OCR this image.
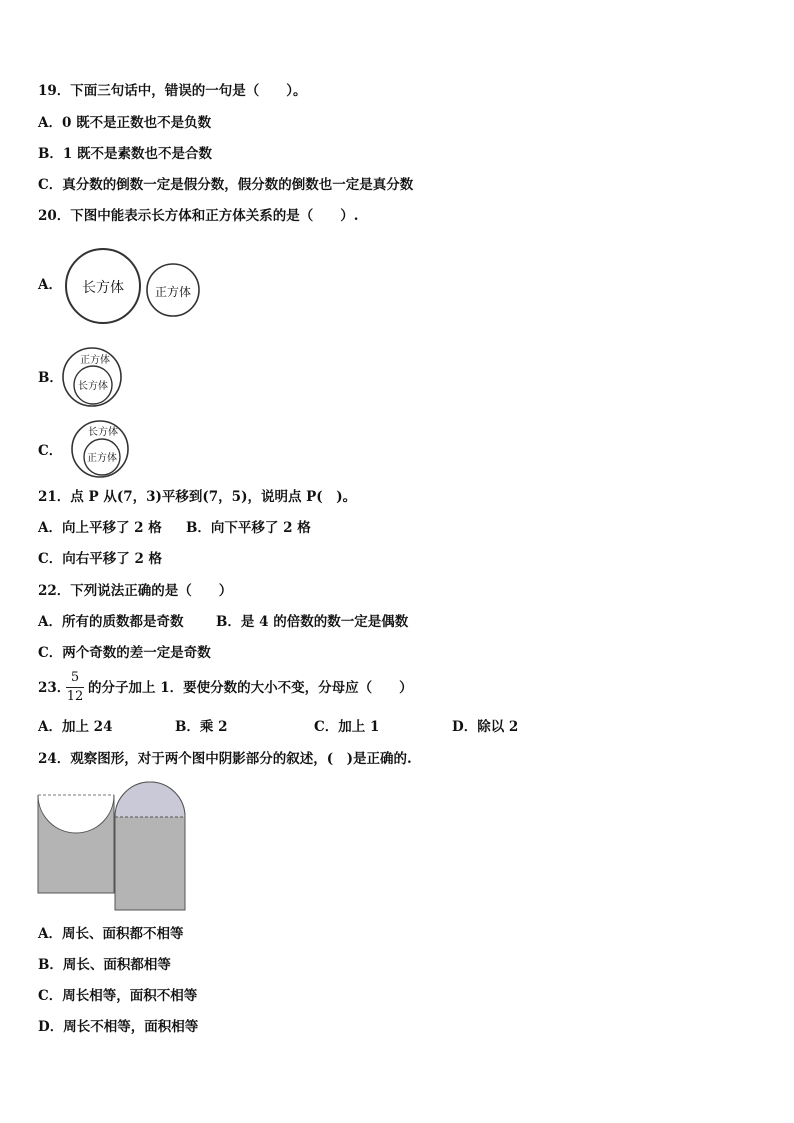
19．下面三句话中，错误的一句是（　　）。
A．0 既不是正数也不是负数
B．1 既不是素数也不是合数
C．真分数的倒数一定是假分数，假分数的倒数也一定是真分数
20．下图中能表示长方体和正方体关系的是（　　）.
A． 长方体	正方体
B．
正方体
长方体
C．
长方体
正方体
21．点 P 从(7，3)平移到(7，5)，说明点 P(　)。
A．向上平移了 2 格 B．向下平移了 2 格
C．向右平移了 2 格
22．下列说法正确的是（　　）
A．所有的质数都是奇数 B．是 4 的倍数的数一定是偶数
C．两个奇数的差一定是奇数
23．
$\frac{5}{12}$ 的分子加上 1．要使分数的大小不变，分母应（　　）
A．加上 24	B．乘 2	C．加上 1	D．除以 2
24．观察图形，对于两个图中阴影部分的叙述，(　)是正确的.
A．周长、面积都不相等
B．周长、面积都相等
C．周长相等，面积不相等
D．周长不相等，面积相等
